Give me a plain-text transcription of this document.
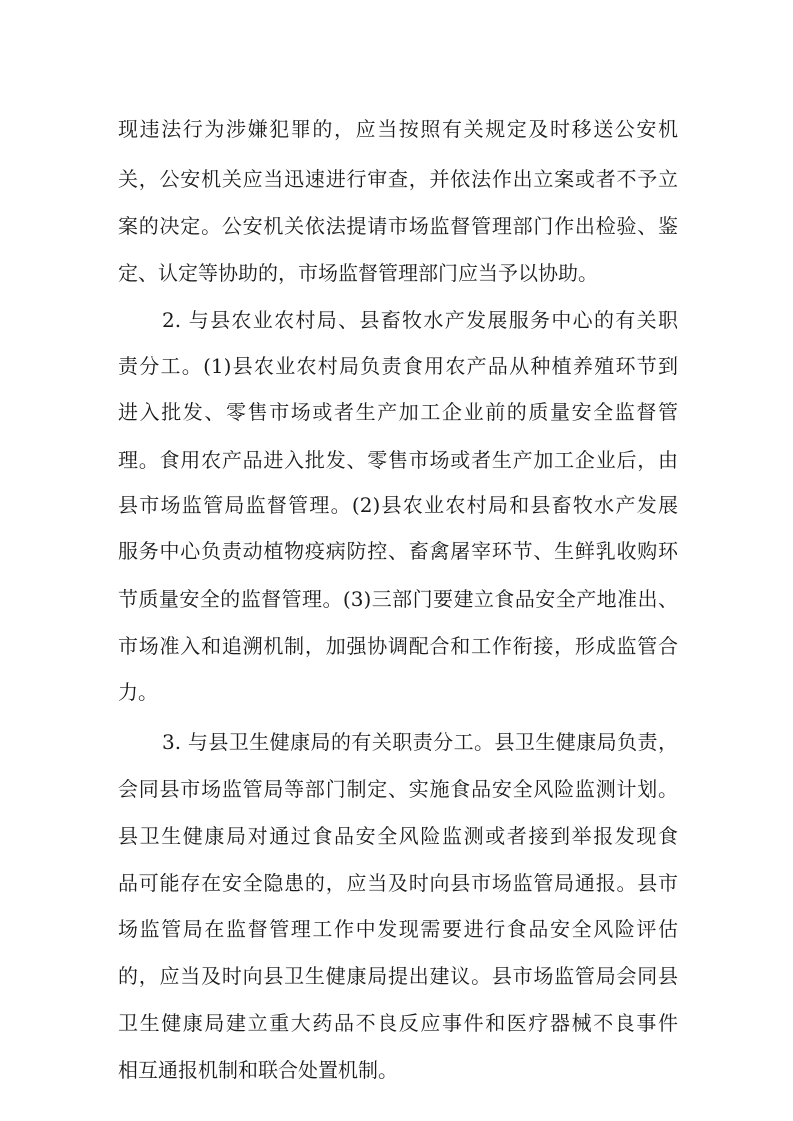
现违法行为涉嫌犯罪的，应当按照有关规定及时移送公安机
关，公安机关应当迅速进行审查，并依法作出立案或者不予立
案的决定。公安机关依法提请市场监督管理部门作出检验、鉴
定、认定等协助的，市场监督管理部门应当予以协助。
2. 与县农业农村局、县畜牧水产发展服务中心的有关职
责分工。(1)县农业农村局负责食用农产品从种植养殖环节到
进入批发、零售市场或者生产加工企业前的质量安全监督管
理。食用农产品进入批发、零售市场或者生产加工企业后，由
县市场监管局监督管理。(2)县农业农村局和县畜牧水产发展
服务中心负责动植物疫病防控、畜禽屠宰环节、生鲜乳收购环
节质量安全的监督管理。(3)三部门要建立食品安全产地准出、
市场准入和追溯机制，加强协调配合和工作衔接，形成监管合
力。
3. 与县卫生健康局的有关职责分工。县卫生健康局负责，
会同县市场监管局等部门制定、实施食品安全风险监测计划。
县卫生健康局对通过食品安全风险监测或者接到举报发现食
品可能存在安全隐患的，应当及时向县市场监管局通报。县市
场监管局在监督管理工作中发现需要进行食品安全风险评估
的，应当及时向县卫生健康局提出建议。县市场监管局会同县
卫生健康局建立重大药品不良反应事件和医疗器械不良事件
相互通报机制和联合处置机制。
